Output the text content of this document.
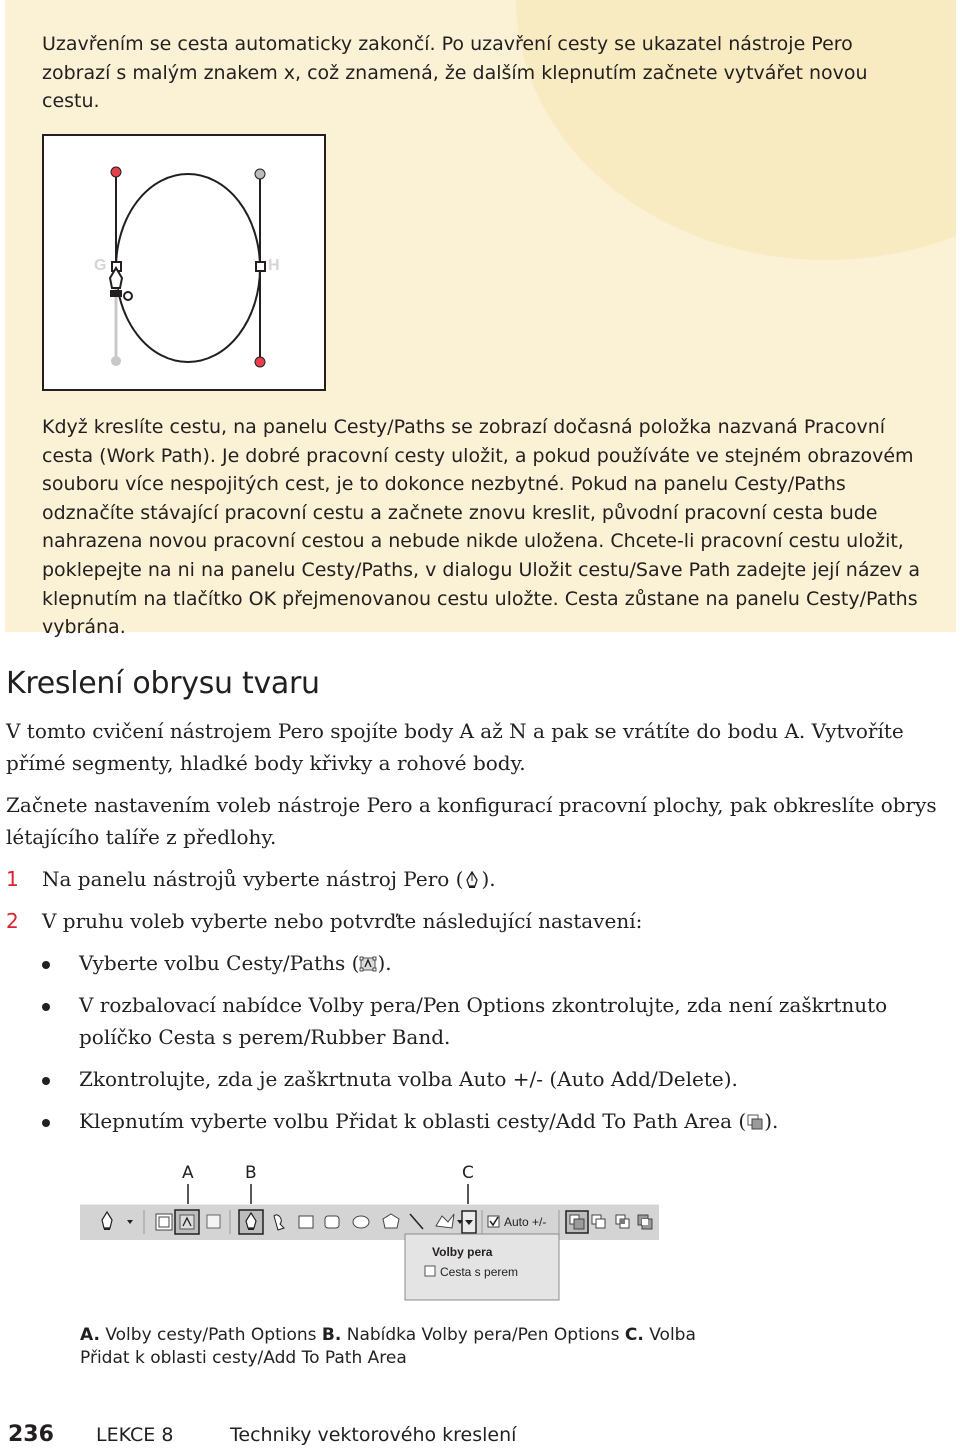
Uzavřením se cesta automaticky zakončí. Po uzavření cesty se ukazatel nástroje Pero zobrazí s malým znakem x, což znamená, že dalším klepnutím začnete vytvářet novou cestu.

G	H

Když kreslíte cestu, na panelu Cesty/Paths se zobrazí dočasná položka nazvaná Pracovní cesta (Work Path). Je dobré pracovní cesty uložit, a pokud používáte ve stejném obrazovém souboru více nespojitých cest, je to dokonce nezbytné. Pokud na panelu Cesty/Paths odznačíte stávající pracovní cestu a začnete znovu kreslit, původní pracovní cesta bude nahrazena novou pracovní cestou a nebude nikde uložena. Chcete-li pracovní cestu uložit, poklepejte na ni na panelu Cesty/Paths, v dialogu Uložit cestu/Save Path zadejte její název a klepnutím na tlačítko OK přejmenovanou cestu uložte. Cesta zůstane na panelu Cesty/Paths vybrána.

Kreslení obrysu tvaru

V tomto cvičení nástrojem Pero spojíte body A až N a pak se vrátíte do bodu A. Vytvoříte přímé segmenty, hladké body křivky a rohové body.

Začnete nastavením voleb nástroje Pero a konfigurací pracovní plochy, pak obkreslíte obrys létajícího talíře z předlohy.

1 Na panelu nástrojů vyberte nástroj Pero ( ).
2 V pruhu voleb vyberte nebo potvrďte následující nastavení:
Vyberte volbu Cesty/Paths ( ).
V rozbalovací nabídce Volby pera/Pen Options zkontrolujte, zda není zaškrtnuto políčko Cesta s perem/Rubber Band.
Zkontrolujte, zda je zaškrtnuta volba Auto +/- (Auto Add/Delete).
Klepnutím vyberte volbu Přidat k oblasti cesty/Add To Path Area ( ).
A	B	C
Auto +/-
Volby pera
Cesta s perem

A. Volby cesty/Path Options B. Nabídka Volby pera/Pen Options C. Volba Přidat k oblasti cesty/Add To Path Area

236 LEKCE 8	Techniky vektorového kreslení
